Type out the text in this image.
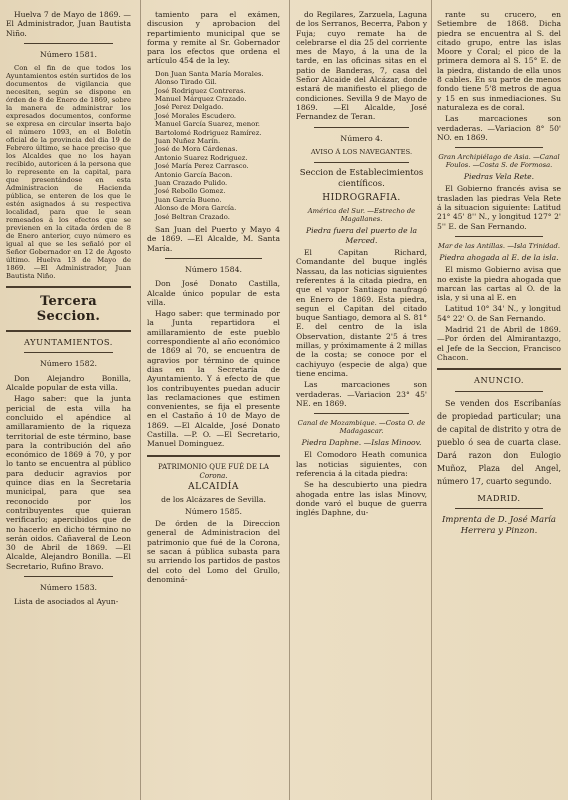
Huelva 7 de Mayo de 1869. —El Administrador, Juan Bautista Niño.

Número 1581.

Con el fin de que todos los Ayuntamientos estén surtidos de los documentos de vigilancia que necesiten, según se dispone en órden de 8 de Enero de 1869, sobre la manera de administrar los expresados documentos, conforme se expresa en circular inserta bajo el número 1093, en el Boletín oficial de la provincia del dia 19 de Febrero último, se hace preciso que los Alcaldes que no los hayan recibido, autoricen á la persona que lo represente en la capital, para que presentándose en esta Administracion de Hacienda pública, se enteren de los que le estén asignados á su respectiva localidad, para que le sean remesados á los efectos que se previenen en la citada órden de 8 de Enero anterior, cuyo número es igual al que se les señaló por el Señor Gobernador en 12 de Agosto último. Huelva 13 de Mayo de 1869. —El Administrador, Juan Bautista Niño.

Tercera Seccion.
AYUNTAMIENTOS.
Número 1582.

Don Alejandro Bonilla, Alcalde popular de esta villa.

Hago saber: que la junta pericial de esta villa ha concluido el apéndice al amillaramiento de la riqueza territorial de este término, base para la contribución del año económico de 1869 á 70, y por lo tanto se encuentra al público para deducir agravios por quince dias en la Secretaria municipal, para que sea reconocido por los contribuyentes que quieran verificarlo; apercibidos que de no hacerlo en dicho término no serán oidos. Cañaveral de Leon 30 de Abril de 1869. —El Alcalde, Alejandro Bonilla. —El Secretario, Rufino Bravo.

Número 1583.

Lista de asociados al Ayun-

tamiento para el exámen, discusion y aprobacion del repartimiento municipal que se forma y remite al Sr. Gobernador para los efectos que ordena el artículo 454 de la ley.

Don Juan Santa María Morales.
Alonso Tirado Gil.
José Rodriguez Contreras.
Manuel Márquez Crazado.
José Perez Delgado.
José Morales Escudero.
Manuel García Suarez, menor.
Bartolomé Rodriguez Ramírez.
Juan Nuñez Marín.
José de Mora Cárdenas.
Antonio Suarez Rodriguez.
José María Perez Carrasco.
Antonio García Bacon.
Juan Crazado Pulido.
José Rebollo Gomez.
Juan García Bueno.
Alonso de Mora García.
José Beltran Crazado.

San Juan del Puerto y Mayo 4 de 1869. —El Alcalde, M. Santa María.

Número 1584.

Don José Donato Castilla, Alcalde único popular de esta villa.

Hago saber: que terminado por la Junta repartidora el amillaramiento de este pueblo correspondiente al año económico de 1869 al 70, se encuentra de agravios por término de quince dias en la Secretaría de Ayuntamiento. Y á efecto de que los contribuyentes puedan aducir las reclamaciones que estimen convenientes, se fija el presente en el Castaño á 10 de Mayo de 1869. —El Alcalde, José Donato Castilla. —P. O. —El Secretario, Manuel Dominguez.

PATRIMONIO QUE FUÉ DE LA
Corona.
ALCAIDÍA
de los Alcázares de Sevilla.
Número 1585.

De órden de la Direccion general de Administracion del patrimonio que fué de la Corona, se sacan á pública subasta para su arriendo los partidos de pastos del coto del Lomo del Grullo, denominá-

do Regilares, Zarzuela, Laguna de los Serranos, Becerra, Pabon y Fuja; cuyo remate ha de celebrarse el dia 25 del corriente mes de Mayo, á la una de la tarde, en las oficinas sitas en el patio de Banderas, 7, casa del Señor Alcaide del Alcázar, donde estará de manifiesto el pliego de condiciones. Sevilla 9 de Mayo de 1869. —El Alcalde, José Fernandez de Teran.

Número 4.
AVISO Á LOS NAVEGANTES.
Seccion de Establecimientos científicos.
HIDROGRAFIA.
América del Sur. —Estrecho de Magallanes.
Piedra fuera del puerto de la Merced.

El Capitan Richard, Comandante del buque inglés Nassau, da las noticias siguientes referentes á la citada piedra, en que el vapor Santiago naufragó en Enero de 1869. Esta piedra, segun el Capitan del citado buque Santiago, demora al S. 81° E. del centro de la isla Observation, distante 2'5 á tres millas, y próximamente á 2 millas de la costa; se conoce por el cachiyuyo (especie de alga) que tiene encima.

Las marcaciones son verdaderas. —Variacion 23° 45' NE. en 1869.

Canal de Mozambique. —Costa O. de Madagascar.
Piedra Daphne. —Islas Minoov.

El Comodoro Heath comunica las noticias siguientes, con referencia á la citada piedra:

Se ha descubierto una piedra ahogada entre las islas Minovv, donde varó el buque de guerra inglés Daphne, du-

rante su crucero, en Setiembre de 1868. Dicha piedra se encuentra al S. del citado grupo, entre las islas Moore y Coral; el pico de la primera demora al S. 15° E. de la piedra, distando de ella unos 8 cables. En su parte de menos fondo tiene 5'8 metros de agua y 15 en sus inmediaciones. Su naturaleza es de coral.

Las marcaciones son verdaderas. —Variacion 8° 50' NO. en 1869.

Gran Archipiélago de Asia. —Canal Foulos. —Costa S. de Formosa.
Piedras Vela Rete.

El Gobierno francés avisa se trasladen las piedras Vela Rete á la situacion siguiente: Latitud 21° 45' 8'' N., y longitud 127° 2' 5'' E. de San Fernando.

Mar de las Antillas. —Isla Trinidad.
Piedra ahogada al E. de la isla.

El mismo Gobierno avisa que no existe la piedra ahogada que marcan las cartas al O. de la isla, y si una al E. en

Latitud 10° 34' N., y longitud 54° 22' O. de San Fernando.

Madrid 21 de Abril de 1869. —Por órden del Almirantazgo, el Jefe de la Seccion, Francisco Chacon.

ANUNCIO.

Se venden dos Escribanías de propiedad particular; una de capital de distrito y otra de pueblo ó sea de cuarta clase. Dará razon don Eulogio Muñoz, Plaza del Angel, número 17, cuarto segundo.

MADRID.
Imprenta de D. José María Herrera y Pinzon.
